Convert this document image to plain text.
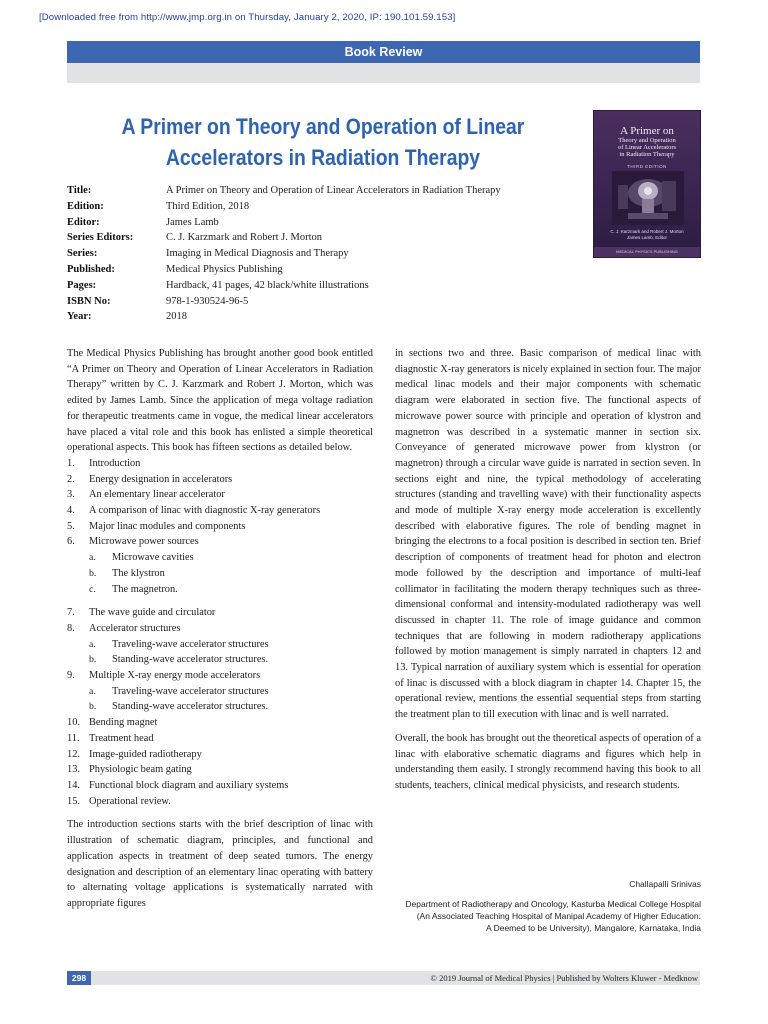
[Downloaded free from http://www.jmp.org.in on Thursday, January 2, 2020, IP: 190.101.59.153]
Book Review
A Primer on Theory and Operation of Linear
Accelerators in Radiation Therapy
A Primer on
Theory and Operation
of Linear Accelerators
in Radiation Therapy
THIRD EDITION
C. J. Karzmark and Robert J. Morton
James Lamb, Editor
MEDICAL PHYSICS PUBLISHING
Title:	A Primer on Theory and Operation of Linear Accelerators in Radiation Therapy
Edition:	Third Edition, 2018
Editor:	James Lamb
Series Editors:	C. J. Karzmark and Robert J. Morton
Series:	Imaging in Medical Diagnosis and Therapy
Published:	Medical Physics Publishing
Pages:	Hardback, 41 pages, 42 black/white illustrations
ISBN No:	978-1-930524-96-5
Year:	2018

The Medical Physics Publishing has brought another good book entitled “A Primer on Theory and Operation of Linear Accelerators in Radiation Therapy” written by C. J. Karzmark and Robert J. Morton, which was edited by James Lamb. Since the application of mega voltage radiation for therapeutic treatments came in vogue, the medical linear accelerators have placed a vital role and this book has enlisted a simple theoretical operational aspects. This book has fifteen sections as detailed below.

1.	Introduction
2.	Energy designation in accelerators
3.	An elementary linear accelerator
4.	A comparison of linac with diagnostic X-ray generators
5.	Major linac modules and components
6.	Microwave power sources
a.	Microwave cavities
b.	The klystron
c.	The magnetron.
7.	The wave guide and circulator
8.	Accelerator structures
a.	Traveling-wave accelerator structures
b.	Standing-wave accelerator structures.
9.	Multiple X-ray energy mode accelerators
a.	Traveling-wave accelerator structures
b.	Standing-wave accelerator structures.
10. Bending magnet
11. Treatment head
12. Image-guided radiotherapy
13. Physiologic beam gating
14. Functional block diagram and auxiliary systems
15. Operational review.

The introduction sections starts with the brief description of linac with illustration of schematic diagram, principles, and functional and application aspects in treatment of deep seated tumors. The energy designation and description of an elementary linac operating with battery to alternating voltage applications is systematically narrated with appropriate figures

in sections two and three. Basic comparison of medical linac with diagnostic X-ray generators is nicely explained in section four. The major medical linac models and their major components with schematic diagram were elaborated in section five. The functional aspects of microwave power source with principle and operation of klystron and magnetron was described in a systematic manner in section six. Conveyance of generated microwave power from klystron (or magnetron) through a circular wave guide is narrated in section seven. In sections eight and nine, the typical methodology of accelerating structures (standing and travelling wave) with their functionality aspects and mode of multiple X-ray energy mode acceleration is excellently described with elaborative figures. The role of bending magnet in bringing the electrons to a focal position is described in section ten. Brief description of components of treatment head for photon and electron mode followed by the description and importance of multi-leaf collimator in facilitating the modern therapy techniques such as three-dimensional conformal and intensity-modulated radiotherapy was well discussed in chapter 11. The role of image guidance and common techniques that are following in modern radiotherapy applications followed by motion management is simply narrated in chapters 12 and 13. Typical narration of auxiliary system which is essential for operation of linac is discussed with a block diagram in chapter 14. Chapter 15, the operational review, mentions the essential sequential steps from starting the treatment plan to till execution with linac and is well narrated.

Overall, the book has brought out the theoretical aspects of operation of a linac with elaborative schematic diagrams and figures which help in understanding them easily. I strongly recommend having this book to all students, teachers, clinical medical physicists, and research students.

Challapalli Srinivas
Department of Radiotherapy and Oncology, Kasturba Medical College Hospital
(An Associated Teaching Hospital of Manipal Academy of Higher Education:
A Deemed to be University), Mangalore, Karnataka, India
298	© 2019 Journal of Medical Physics | Published by Wolters Kluwer - Medknow
